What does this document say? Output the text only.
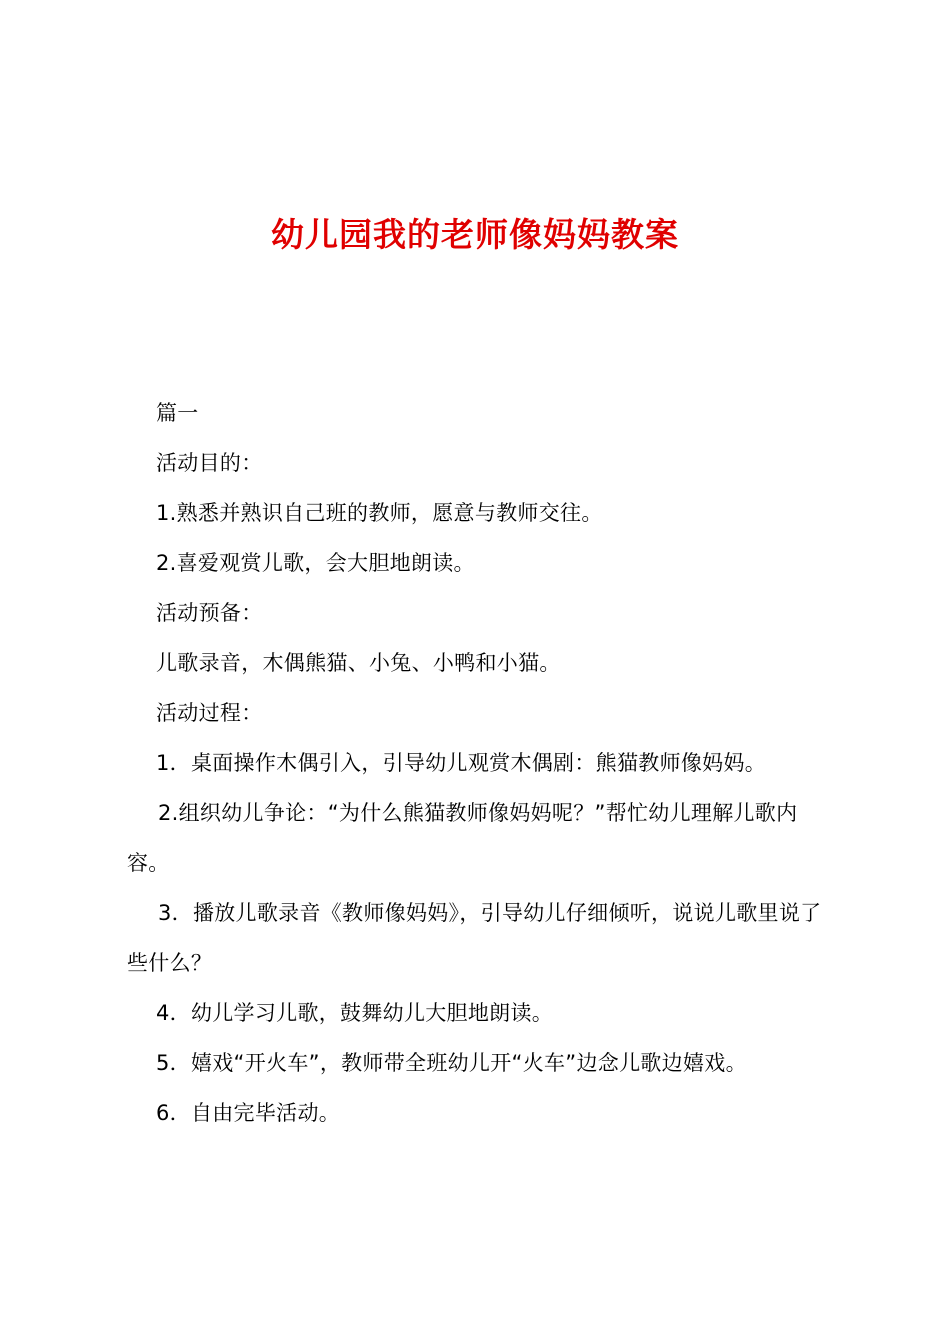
幼儿园我的老师像妈妈教案
篇一
活动目的：
1.熟悉并熟识自己班的教师，愿意与教师交往。
2.喜爱观赏儿歌，会大胆地朗读。
活动预备：
儿歌录音，木偶熊猫、小兔、小鸭和小猫。
活动过程：
1．桌面操作木偶引入，引导幼儿观赏木偶剧：熊猫教师像妈妈。
2.组织幼儿争论：“为什么熊猫教师像妈妈呢？”帮忙幼儿理解儿歌内容。
3．播放儿歌录音《教师像妈妈》，引导幼儿仔细倾听，说说儿歌里说了些什么？
4．幼儿学习儿歌，鼓舞幼儿大胆地朗读。
5．嬉戏“开火车”，教师带全班幼儿开“火车”边念儿歌边嬉戏。
6．自由完毕活动。
